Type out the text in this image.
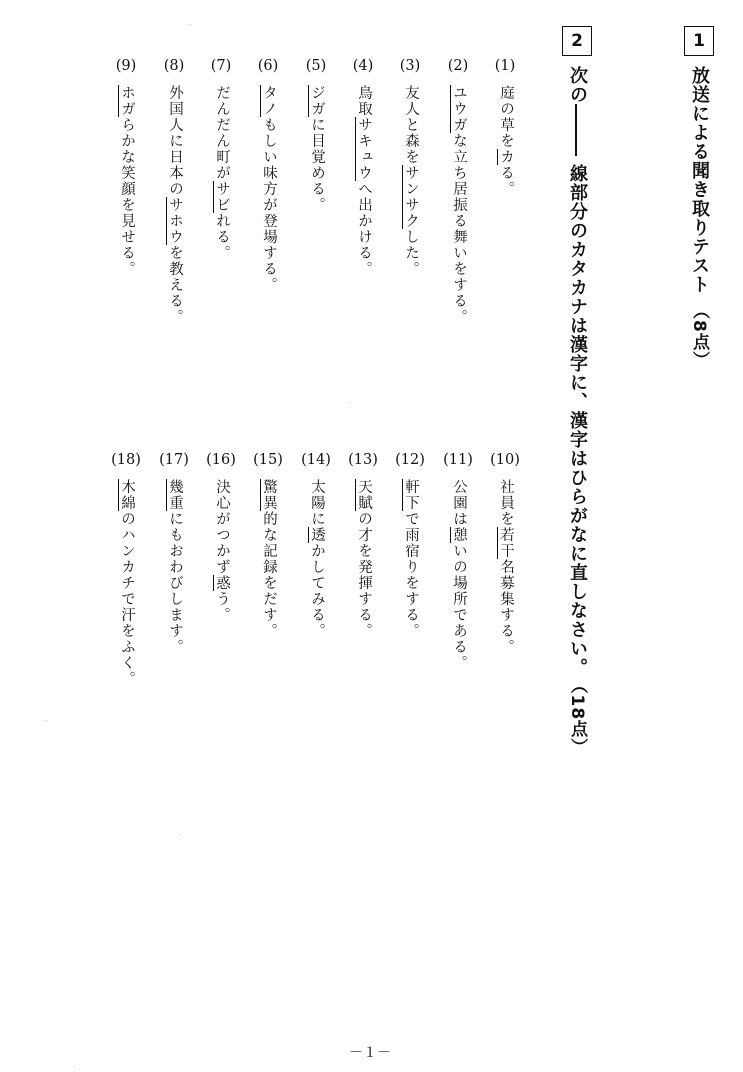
1
放送による聞き取りテスト（8点）
2
次の
線部分のカタカナは漢字に、漢字はひらがなに直しなさい。（18点）
(1)
庭の草をカる。
(2)
ユウガな立ち居振る舞いをする。
(3)
友人と森をサンサクした。
(4)
鳥取サキュウへ出かける。
(5)
ジガに目覚める。
(6)
タノもしい味方が登場する。
(7)
だんだん町がサビれる。
(8)
外国人に日本のサホウを教える。
(9)
ホガらかな笑顔を見せる。
(10)
社員を若干名募集する。
(11)
公園は憩いの場所である。
(12)
軒下で雨宿りをする。
(13)
天賦の才を発揮する。
(14)
太陽に透かしてみる。
(15)
驚異的な記録をだす。
(16)
決心がつかず惑う。
(17)
幾重にもおわびします。
(18)
木綿のハンカチで汗をふく。
－１－
